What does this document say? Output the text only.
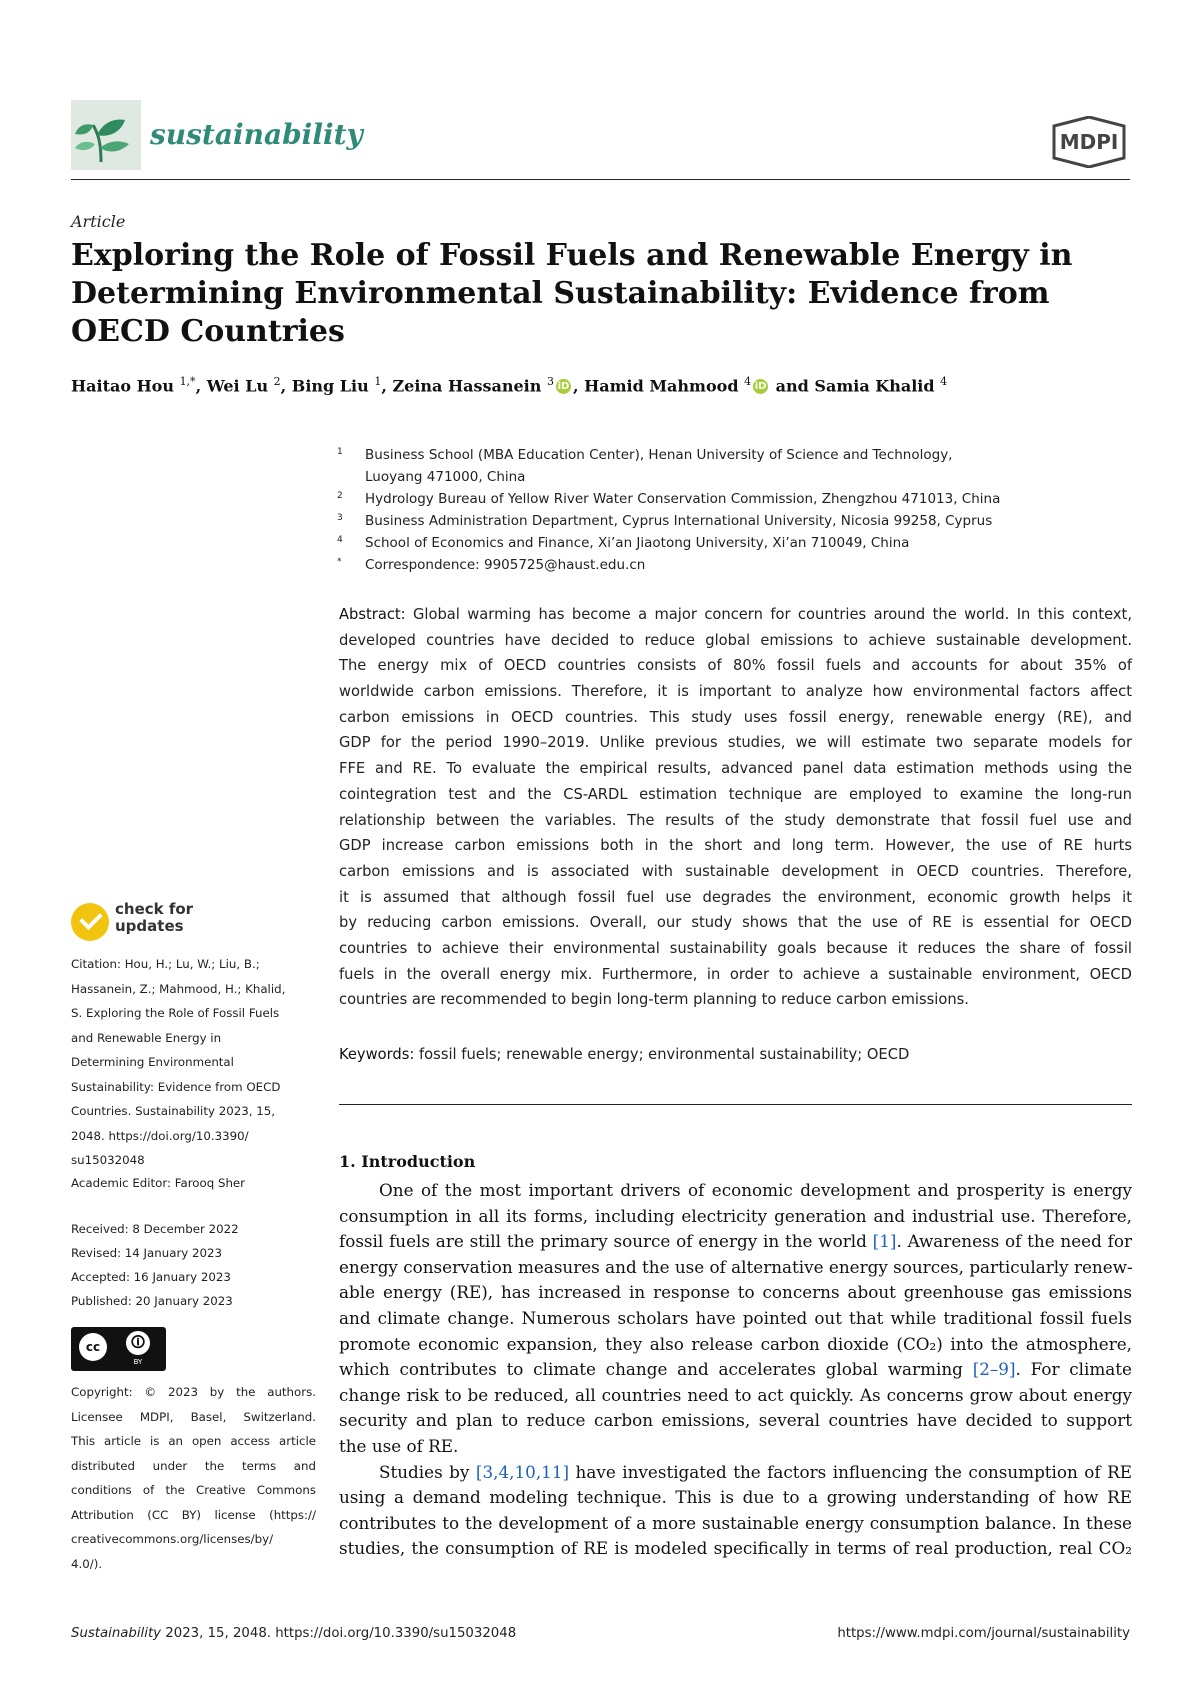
sustainability	MDPI
Article
Exploring the Role of Fossil Fuels and Renewable Energy in Determining Environmental Sustainability: Evidence from OECD Countries
Haitao Hou $^{1,*}$, Wei Lu $^2$, Bing Liu $^1$, Zeina Hassanein $^3$ iD , Hamid Mahmood $^4$ iD and Samia Khalid $^4$
1 Business School (MBA Education Center), Henan University of Science and Technology,
Luoyang 471000, China
2 Hydrology Bureau of Yellow River Water Conservation Commission, Zhengzhou 471013, China
3 Business Administration Department, Cyprus International University, Nicosia 99258, Cyprus
4 School of Economics and Finance, Xi’an Jiaotong University, Xi’an 710049, China
* Correspondence: 9905725@haust.edu.cn
Abstract: Global warming has become a major concern for countries around the world. In this context,
developed countries have decided to reduce global emissions to achieve sustainable development.
The energy mix of OECD countries consists of 80% fossil fuels and accounts for about 35% of
worldwide carbon emissions. Therefore, it is important to analyze how environmental factors affect
carbon emissions in OECD countries. This study uses fossil energy, renewable energy (RE), and
GDP for the period 1990–2019. Unlike previous studies, we will estimate two separate models for
FFE and RE. To evaluate the empirical results, advanced panel data estimation methods using the
cointegration test and the CS-ARDL estimation technique are employed to examine the long-run
relationship between the variables. The results of the study demonstrate that fossil fuel use and
GDP increase carbon emissions both in the short and long term. However, the use of RE hurts
carbon emissions and is associated with sustainable development in OECD countries. Therefore,
it is assumed that although fossil fuel use degrades the environment, economic growth helps it
by reducing carbon emissions. Overall, our study shows that the use of RE is essential for OECD
countries to achieve their environmental sustainability goals because it reduces the share of fossil
fuels in the overall energy mix. Furthermore, in order to achieve a sustainable environment, OECD
countries are recommended to begin long-term planning to reduce carbon emissions.
Keywords: fossil fuels; renewable energy; environmental sustainability; OECD
1. Introduction
One of the most important drivers of economic development and prosperity is energy
consumption in all its forms, including electricity generation and industrial use. Therefore,
fossil fuels are still the primary source of energy in the world [1]. Awareness of the need for
energy conservation measures and the use of alternative energy sources, particularly renew-
able energy (RE), has increased in response to concerns about greenhouse gas emissions
and climate change. Numerous scholars have pointed out that while traditional fossil fuels
promote economic expansion, they also release carbon dioxide (CO₂) into the atmosphere,
which contributes to climate change and accelerates global warming [2–9]. For climate
change risk to be reduced, all countries need to act quickly. As concerns grow about energy
security and plan to reduce carbon emissions, several countries have decided to support
the use of RE.
Studies by [3,4,10,11] have investigated the factors influencing the consumption of RE
using a demand modeling technique. This is due to a growing understanding of how RE
contributes to the development of a more sustainable energy consumption balance. In these
studies, the consumption of RE is modeled specifically in terms of real production, real CO₂
check for
updates
Citation: Hou, H.; Lu, W.; Liu, B.;
Hassanein, Z.; Mahmood, H.; Khalid,
S. Exploring the Role of Fossil Fuels
and Renewable Energy in
Determining Environmental
Sustainability: Evidence from OECD
Countries. Sustainability 2023, 15,
2048. https://doi.org/10.3390/
su15032048
Academic Editor: Farooq Sher
Received: 8 December 2022
Revised: 14 January 2023
Accepted: 16 January 2023
Published: 20 January 2023
cc	🛈
BY
Copyright: © 2023 by the authors.
Licensee MDPI, Basel, Switzerland.
This article is an open access article
distributed under the terms and
conditions of the Creative Commons
Attribution (CC BY) license (https://
creativecommons.org/licenses/by/
4.0/).
Sustainability 2023, 15, 2048. https://doi.org/10.3390/su15032048	https://www.mdpi.com/journal/sustainability
